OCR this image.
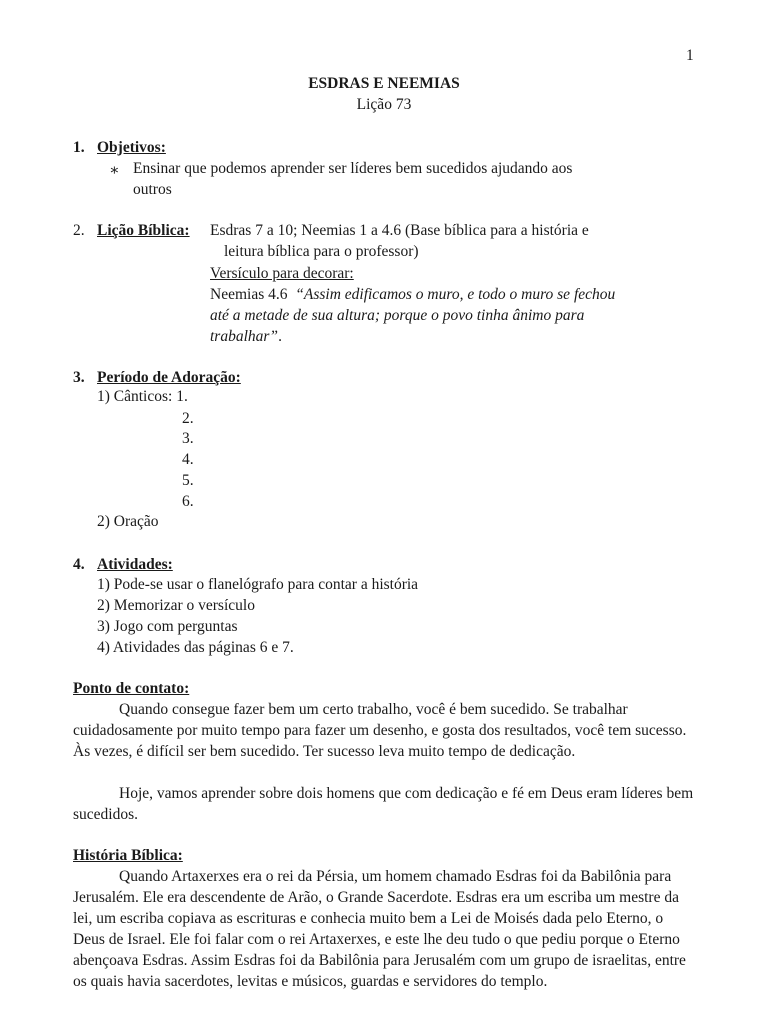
1
ESDRAS E NEEMIAS
Lição 73
1. Objetivos:
∗ Ensinar que podemos aprender ser líderes bem sucedidos ajudando aos
outros
2. Lição Bíblica: Esdras 7 a 10; Neemias 1 a 4.6 (Base bíblica para a história e
leitura bíblica para o professor)
Versículo para decorar:
Neemias 4.6 “Assim edificamos o muro, e todo o muro se fechou
até a metade de sua altura; porque o povo tinha ânimo para
trabalhar”.
3. Período de Adoração:
1) Cânticos: 1.
2.
3.
4.
5.
6.
2) Oração
4. Atividades:
1) Pode-se usar o flanelógrafo para contar a história
2) Memorizar o versículo
3) Jogo com perguntas
4) Atividades das páginas 6 e 7.
Ponto de contato:

Quando consegue fazer bem um certo trabalho, você é bem sucedido. Se trabalhar cuidadosamente por muito tempo para fazer um desenho, e gosta dos resultados, você tem sucesso. Às vezes, é difícil ser bem sucedido. Ter sucesso leva muito tempo de dedicação.

Hoje, vamos aprender sobre dois homens que com dedicação e fé em Deus eram líderes bem sucedidos.

História Bíblica:

Quando Artaxerxes era o rei da Pérsia, um homem chamado Esdras foi da Babilônia para Jerusalém. Ele era descendente de Arão, o Grande Sacerdote. Esdras era um escriba um mestre da lei, um escriba copiava as escrituras e conhecia muito bem a Lei de Moisés dada pelo Eterno, o Deus de Israel. Ele foi falar com o rei Artaxerxes, e este lhe deu tudo o que pediu porque o Eterno abençoava Esdras. Assim Esdras foi da Babilônia para Jerusalém com um grupo de israelitas, entre os quais havia sacerdotes, levitas e músicos, guardas e servidores do templo.
